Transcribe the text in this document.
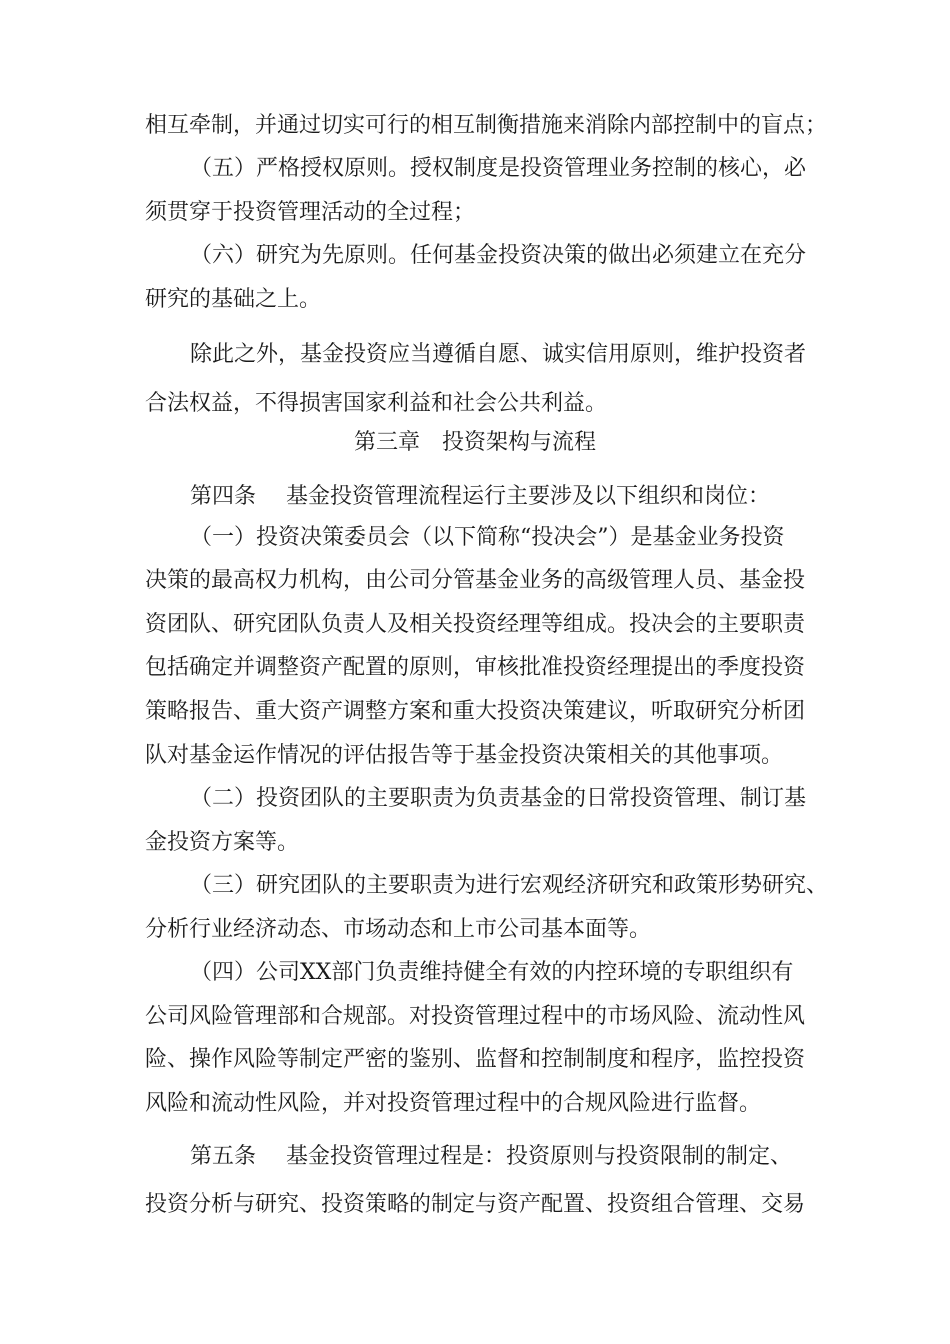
相互牵制，并通过切实可行的相互制衡措施来消除内部控制中的盲点；
（五）严格授权原则。授权制度是投资管理业务控制的核心，必
须贯穿于投资管理活动的全过程；
（六）研究为先原则。任何基金投资决策的做出必须建立在充分
研究的基础之上。
除此之外，基金投资应当遵循自愿、诚实信用原则，维护投资者
合法权益，不得损害国家利益和社会公共利益。
第三章　投资架构与流程
第四条 基金投资管理流程运行主要涉及以下组织和岗位：
（一）投资决策委员会（以下简称“投决会”）是基金业务投资
决策的最高权力机构，由公司分管基金业务的高级管理人员、基金投
资团队、研究团队负责人及相关投资经理等组成。投决会的主要职责
包括确定并调整资产配置的原则，审核批准投资经理提出的季度投资
策略报告、重大资产调整方案和重大投资决策建议，听取研究分析团
队对基金运作情况的评估报告等于基金投资决策相关的其他事项。
（二）投资团队的主要职责为负责基金的日常投资管理、制订基
金投资方案等。
（三）研究团队的主要职责为进行宏观经济研究和政策形势研究、
分析行业经济动态、市场动态和上市公司基本面等。
（四）公司XX部门负责维持健全有效的内控环境的专职组织有
公司风险管理部和合规部。对投资管理过程中的市场风险、流动性风
险、操作风险等制定严密的鉴别、监督和控制制度和程序，监控投资
风险和流动性风险，并对投资管理过程中的合规风险进行监督。
第五条 基金投资管理过程是：投资原则与投资限制的制定、
投资分析与研究、投资策略的制定与资产配置、投资组合管理、交易
